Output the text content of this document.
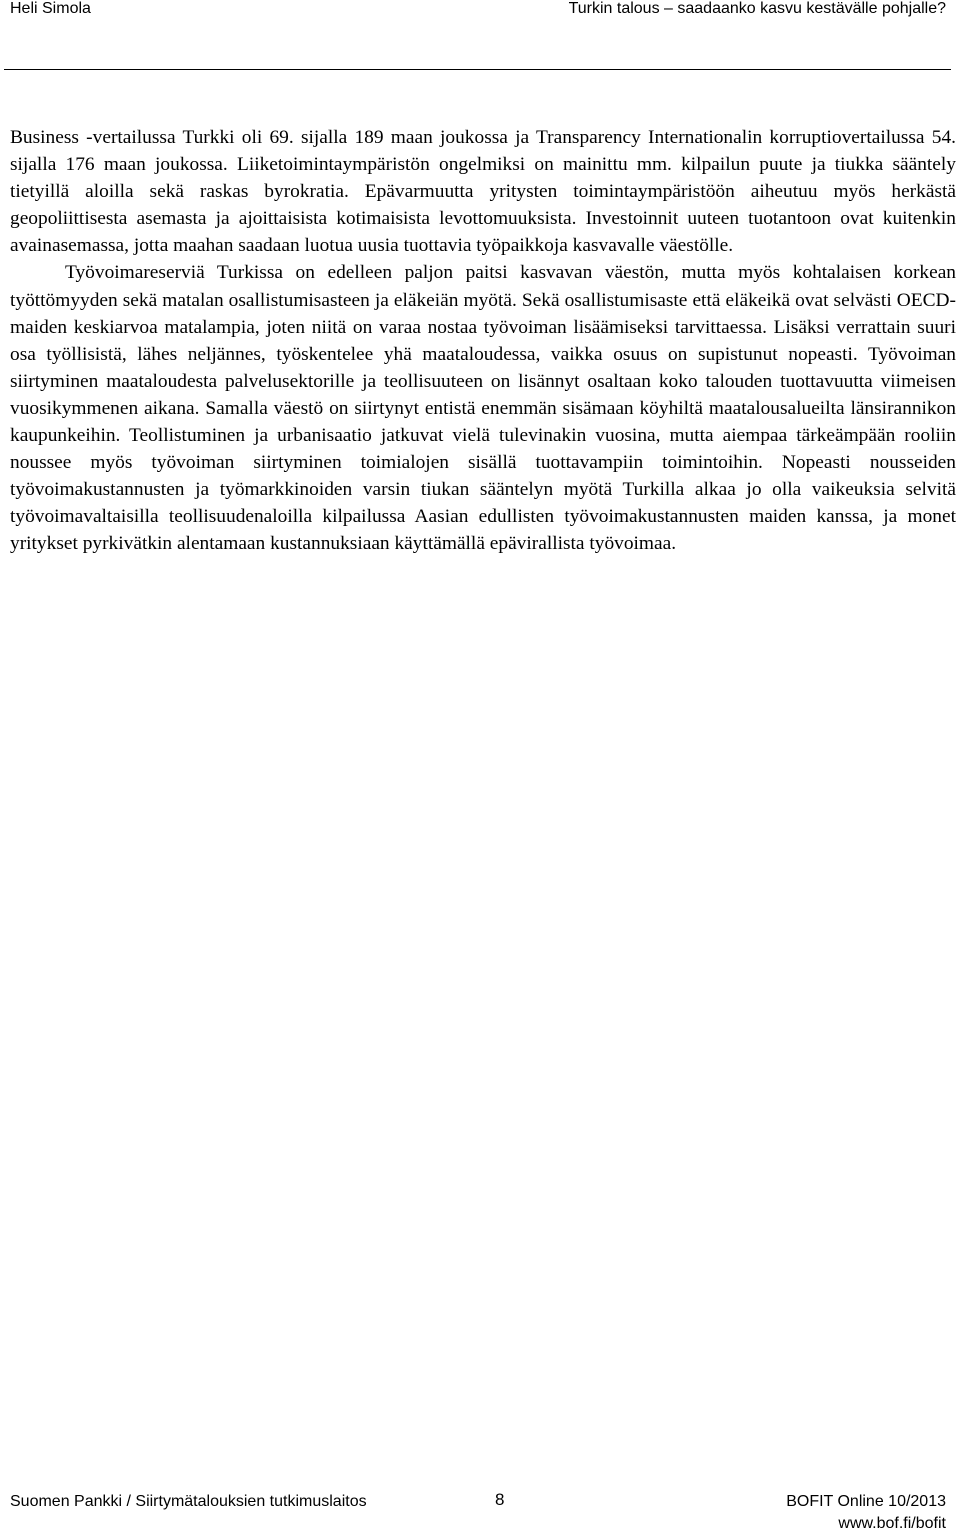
Heli Simola	Turkin talous – saadaanko kasvu kestävälle pohjalle?

Business -vertailussa Turkki oli 69. sijalla 189 maan joukossa ja Transparency Internationalin korruptiovertailussa 54. sijalla 176 maan joukossa. Liiketoimintaympäristön ongelmiksi on mainittu mm. kilpailun puute ja tiukka sääntely tietyillä aloilla sekä raskas byrokratia. Epävarmuutta yritysten toimintaympäristöön aiheutuu myös herkästä geopoliittisesta asemasta ja ajoittaisista kotimaisista levottomuuksista. Investoinnit uuteen tuotantoon ovat kuitenkin avainasemassa, jotta maahan saadaan luotua uusia tuottavia työpaikkoja kasvavalle väestölle.

Työvoimareserviä Turkissa on edelleen paljon paitsi kasvavan väestön, mutta myös kohtalaisen korkean työttömyyden sekä matalan osallistumisasteen ja eläkeiän myötä. Sekä osallistumisaste että eläkeikä ovat selvästi OECD-maiden keskiarvoa matalampia, joten niitä on varaa nostaa työvoiman lisäämiseksi tarvittaessa. Lisäksi verrattain suuri osa työllisistä, lähes neljännes, työskentelee yhä maataloudessa, vaikka osuus on supistunut nopeasti. Työvoiman siirtyminen maataloudesta palvelusektorille ja teollisuuteen on lisännyt osaltaan koko talouden tuottavuutta viimeisen vuosikymmenen aikana. Samalla väestö on siirtynyt entistä enemmän sisämaan köyhiltä maatalousalueilta länsirannikon kaupunkeihin. Teollistuminen ja urbanisaatio jatkuvat vielä tulevinakin vuosina, mutta aiempaa tärkeämpään rooliin noussee myös työvoiman siirtyminen toimialojen sisällä tuottavampiin toimintoihin. Nopeasti nousseiden työvoimakustannusten ja työmarkkinoiden varsin tiukan sääntelyn myötä Turkilla alkaa jo olla vaikeuksia selvitä työvoimavaltaisilla teollisuudenaloilla kilpailussa Aasian edullisten työvoimakustannusten maiden kanssa, ja monet yritykset pyrkivätkin alentamaan kustannuksiaan käyttämällä epävirallista työvoimaa.

Suomen Pankki / Siirtymätalouksien tutkimuslaitos	8	BOFIT Online 10/2013
www.bof.fi/bofit
